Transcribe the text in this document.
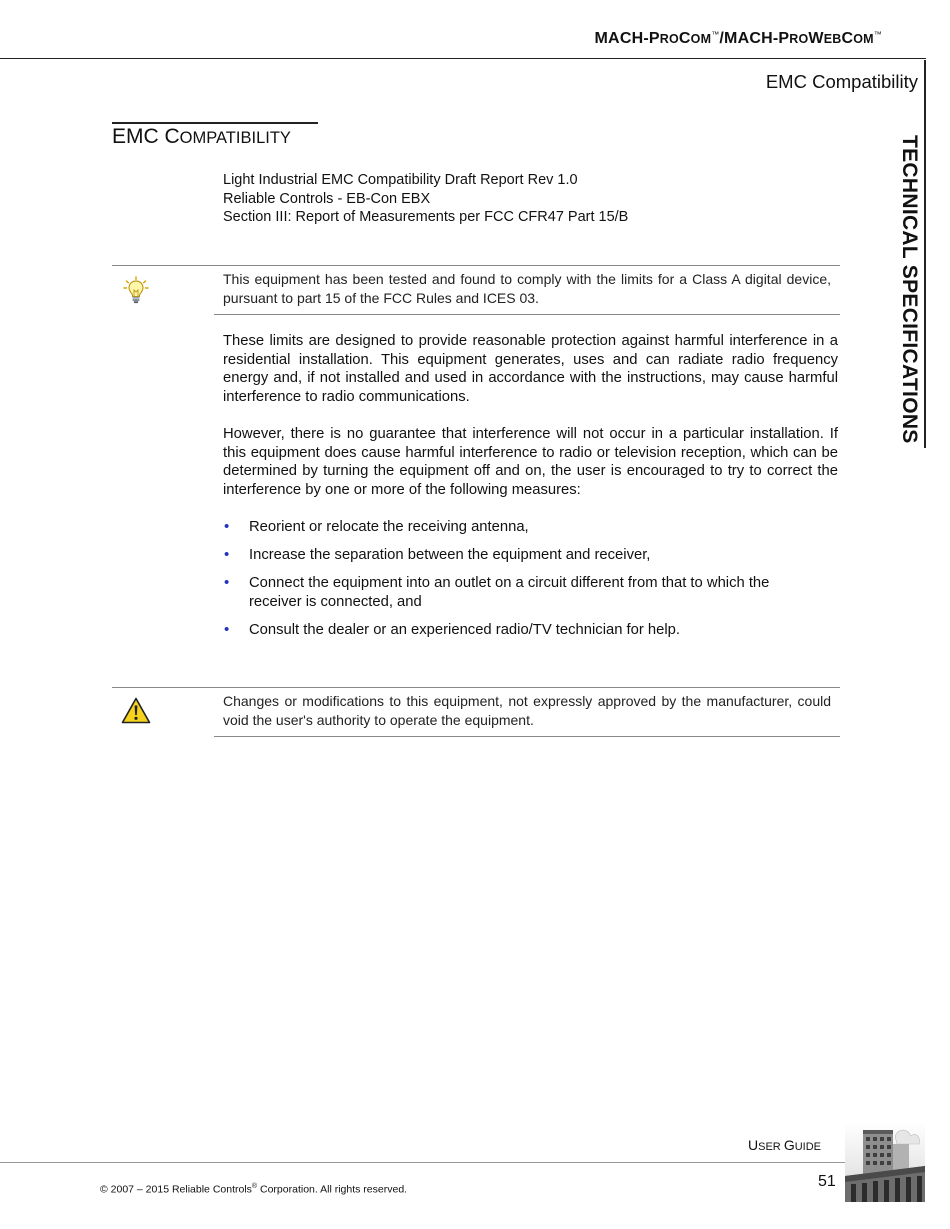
MACH-PROCOM™/MACH-PROWEBCOM™
EMC Compatibility
TECHNICAL SPECIFICATIONS
EMC COMPATIBILITY
Light Industrial EMC Compatibility Draft Report Rev 1.0
Reliable Controls - EB-Con EBX
Section III: Report of Measurements per FCC CFR47 Part 15/B
This equipment has been tested and found to comply with the limits for a Class A digital device, pursuant to part 15 of the FCC Rules and ICES 03.
These limits are designed to provide reasonable protection against harmful interference in a residential installation. This equipment generates, uses and can radiate radio frequency energy and, if not installed and used in accordance with the instructions, may cause harmful interference to radio communications.
However, there is no guarantee that interference will not occur in a particular installation. If this equipment does cause harmful interference to radio or television reception, which can be determined by turning the equipment off and on, the user is encouraged to try to correct the interference by one or more of the following measures:
• Reorient or relocate the receiving antenna,
• Increase the separation between the equipment and receiver,
• Connect the equipment into an outlet on a circuit different from that to which the receiver is connected, and
• Consult the dealer or an experienced radio/TV technician for help.
Changes or modifications to this equipment, not expressly approved by the manufacturer, could void the user's authority to operate the equipment.
USER GUIDE
51
© 2007 – 2015 Reliable Controls® Corporation. All rights reserved.
